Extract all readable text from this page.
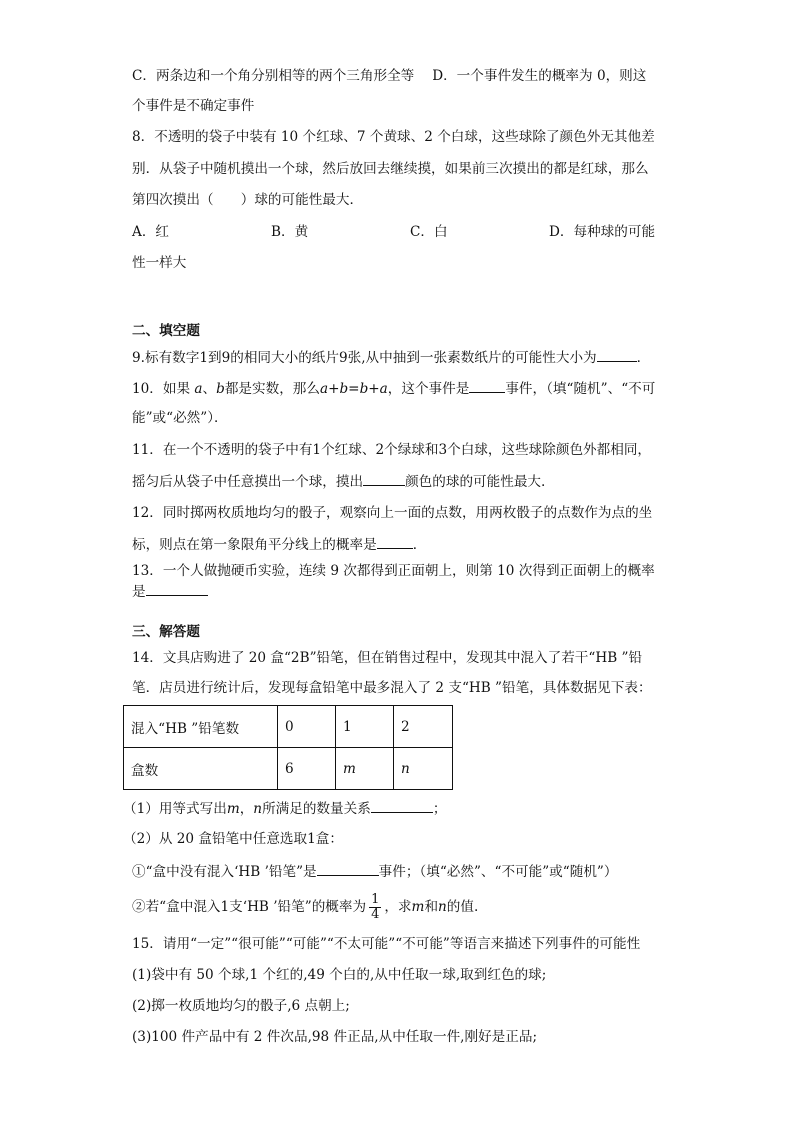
C．两条边和一个角分别相等的两个三角形全等　 D．一个事件发生的概率为 0，则这
个事件是不确定事件
8．不透明的袋子中装有 10 个红球、7 个黄球、2 个白球，这些球除了颜色外无其他差
别．从袋子中随机摸出一个球，然后放回去继续摸，如果前三次摸出的都是红球，那么
第四次摸出（　　）球的可能性最大．
A．红	B．黄	C．白	D．每种球的可能
性一样大
二、填空题
9.标有数字1到9的相同大小的纸片9张,从中抽到一张素数纸片的可能性大小为	．
10．如果 a、b都是实数，那么a+b=b+a，这个事件是	事件，（填“随机”、“不可
能”或“必然”）．
11．在一个不透明的袋子中有1个红球、2个绿球和3个白球，这些球除颜色外都相同，
摇匀后从袋子中任意摸出一个球，摸出	颜色的球的可能性最大.
12．同时掷两枚质地均匀的骰子，观察向上一面的点数，用两枚骰子的点数作为点的坐
标，则点在第一象限角平分线上的概率是	．
13．一个人做抛硬币实验，连续 9 次都得到正面朝上，则第 10 次得到正面朝上的概率
是
三、解答题
14．文具店购进了 20 盒“2B”铅笔，但在销售过程中，发现其中混入了若干“HB ”铅
笔．店员进行统计后，发现每盒铅笔中最多混入了 2 支“HB ”铅笔，具体数据见下表：
混入“HB ”铅笔数	0	1	2
盒数	6	m	n
（1）用等式写出m，n所满足的数量关系	；
（2）从 20 盒铅笔中任意选取1盒：
①“盒中没有混入‘HB ’铅笔”是	事件；（填“必然”、“不可能”或“随机”）
②若“盒中混入1支‘HB ’铅笔”的概率为 $\frac{1}{4}$ ，求m和n的值.
15．请用“一定”“很可能”“可能”“不太可能”“不可能”等语言来描述下列事件的可能性
(1)袋中有 50 个球,1 个红的,49 个白的,从中任取一球,取到红色的球;
(2)掷一枚质地均匀的骰子,6 点朝上;
(3)100 件产品中有 2 件次品,98 件正品,从中任取一件,刚好是正品;
